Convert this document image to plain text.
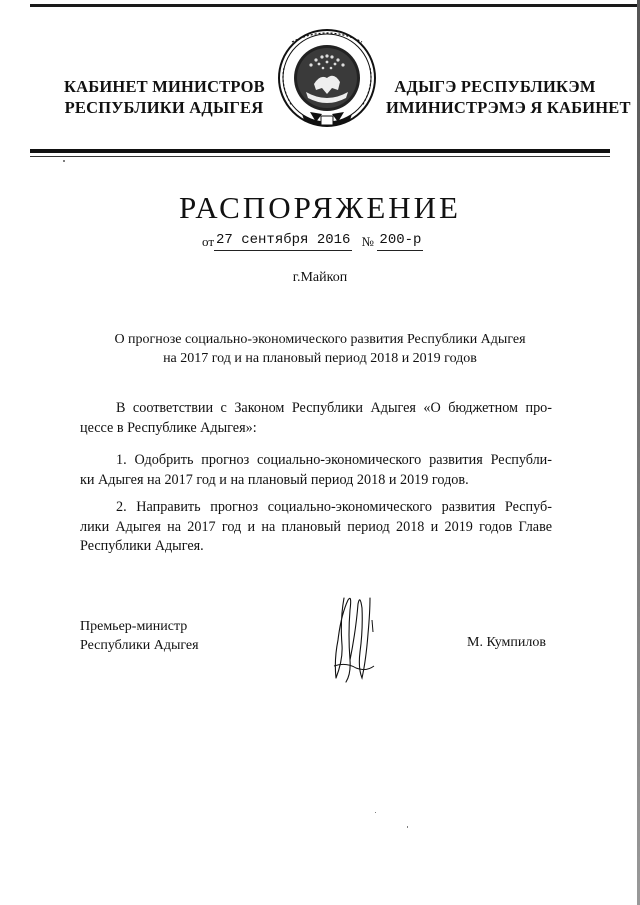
КАБИНЕТ МИНИСТРОВ
РЕСПУБЛИКИ АДЫГЕЯ
АДЫГЭ РЕСПУБЛИКЭМ
ИМИНИСТРЭМЭ Я КАБИНЕТ
РАСПОРЯЖЕНИЕ
от 27 сентября 2016 № 200-р
г.Майкоп
О прогнозе социально-экономического развития Республики Адыгея
на 2017 год и на плановый период 2018 и 2019 годов
В соответствии с Законом Республики Адыгея «О бюджетном про-
цессе в Республике Адыгея»:
1. Одобрить прогноз социально-экономического развития Республи-
ки Адыгея на 2017 год и на плановый период 2018 и 2019 годов.
2. Направить прогноз социально-экономического развития Респуб-
лики Адыгея на 2017 год и на плановый период 2018 и 2019 годов Главе
Республики Адыгея.
Премьер-министр
Республики Адыгея	М. Кумпилов
